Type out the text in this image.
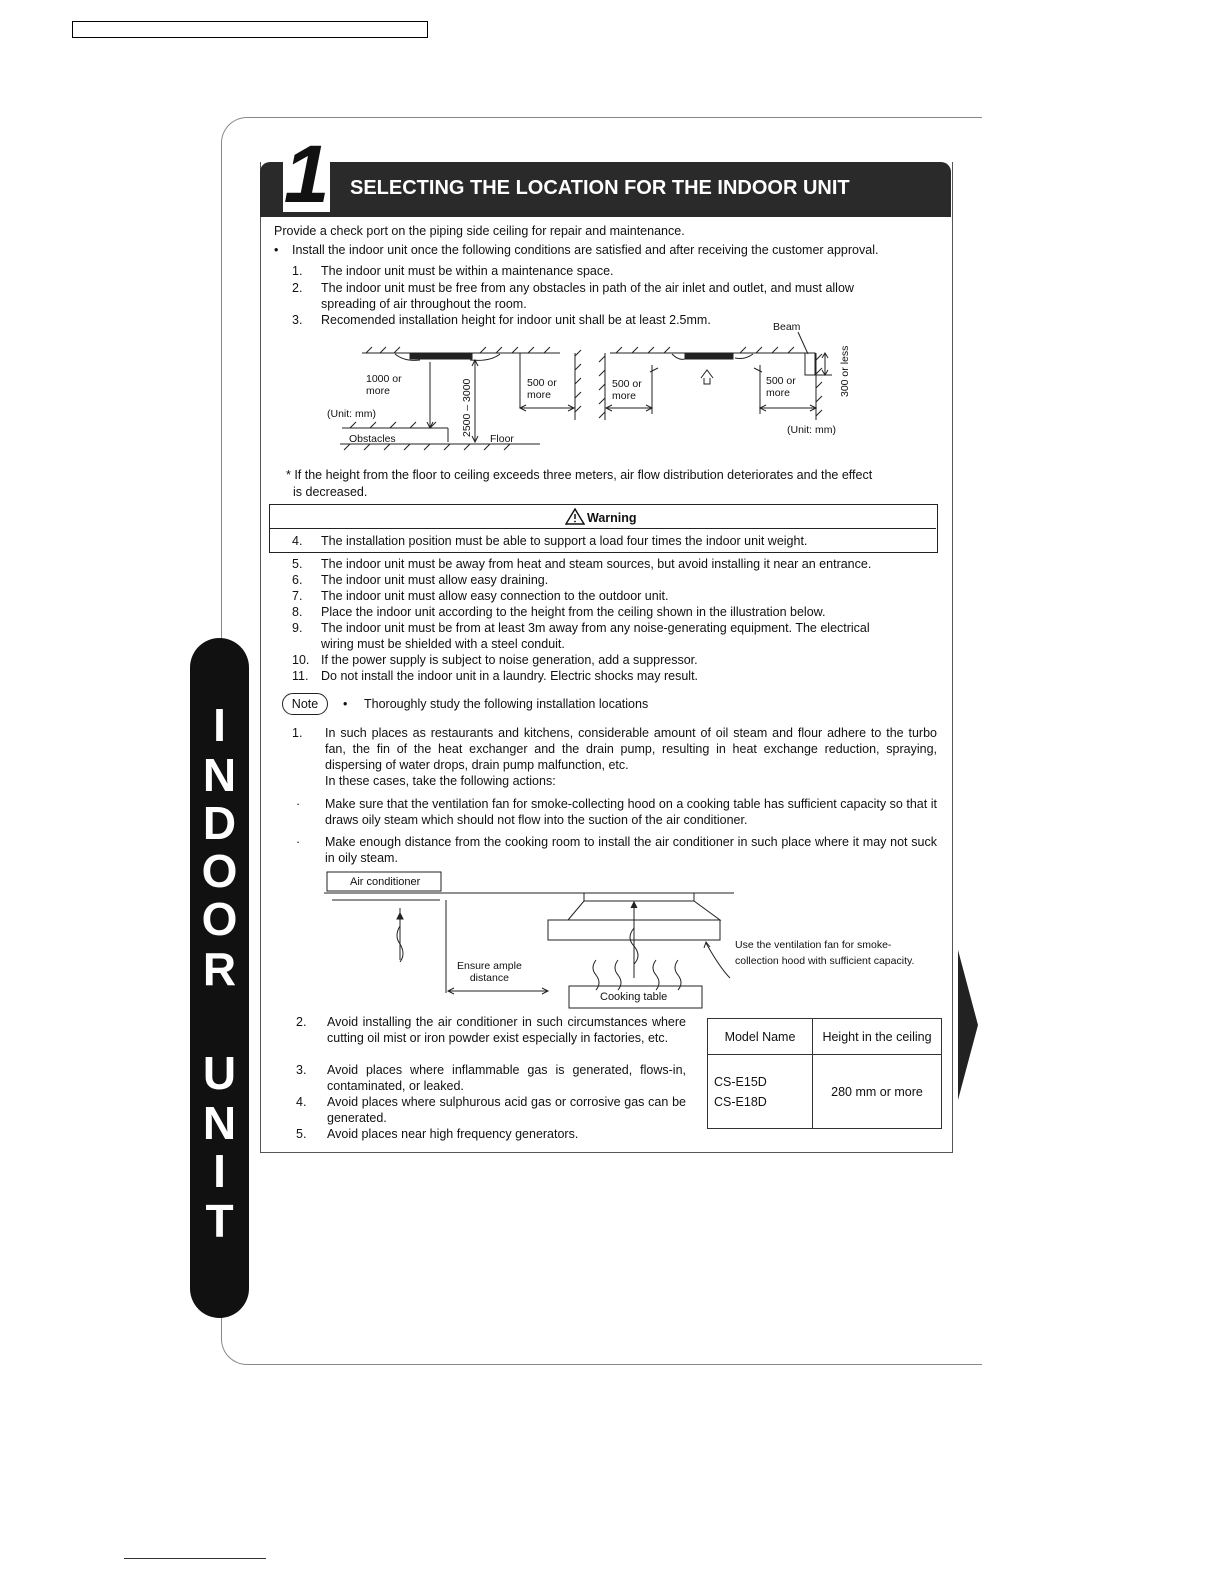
I
N
D
O
O
R
U
N
I
T
1 SELECTING THE LOCATION FOR THE INDOOR UNIT
Provide a check port on the piping side ceiling for repair and maintenance.
• Install the indoor unit once the following conditions are satisfied and after receiving the customer approval.
1. The indoor unit must be within a maintenance space.
2. The indoor unit must be free from any obstacles in path of the air inlet and outlet, and must allow
spreading of air throughout the room.
3. Recomended installation height for indoor unit shall be at least 2.5mm.	Beam
1000 or
more
500 or
more
500 or
more
500 or
more
2500 – 3000
300 or less
(Unit: mm)
Obstacles	Floor
(Unit: mm)
* If the height from the floor to ceiling exceeds three meters, air flow distribution deteriorates and the effect
is decreased.
Warning
4. The installation position must be able to support a load four times the indoor unit weight.
5. The indoor unit must be away from heat and steam sources, but avoid installing it near an entrance.
6. The indoor unit must allow easy draining.
7. The indoor unit must allow easy connection to the outdoor unit.
8. Place the indoor unit according to the height from the ceiling shown in the illustration below.
9. The indoor unit must be from at least 3m away from any noise-generating equipment. The electrical
wiring must be shielded with a steel conduit.
10. If the power supply is subject to noise generation, add a suppressor.
11. Do not install the indoor unit in a laundry. Electric shocks may result.
Note	• Thoroughly study the following installation locations
1. In such places as restaurants and kitchens, considerable amount of oil steam and flour adhere to the turbo fan, the fin of the heat exchanger and the drain pump, resulting in heat exchange reduction, spraying, dispersing of water drops, drain pump malfunction, etc.
In these cases, take the following actions:
· Make sure that the ventilation fan for smoke-collecting hood on a cooking table has sufficient capacity so that it draws oily steam which should not flow into the suction of the air conditioner.
· Make enough distance from the cooking room to install the air conditioner in such place where it may not suck in oily steam.
Air conditioner
Ensure ample
distance
Cooking table
Use the ventilation fan for smoke-
collection hood with sufficient capacity.
2. Avoid installing the air conditioner in such circumstances where cutting oil mist or iron powder exist especially in factories, etc.
3. Avoid places where inflammable gas is generated, flows-in, contaminated, or leaked.
4. Avoid places where sulphurous acid gas or corrosive gas can be generated.
5. Avoid places near high frequency generators.
Model Name	Height in the ceiling

CS-E15D
CS-E18D	280 mm or more
